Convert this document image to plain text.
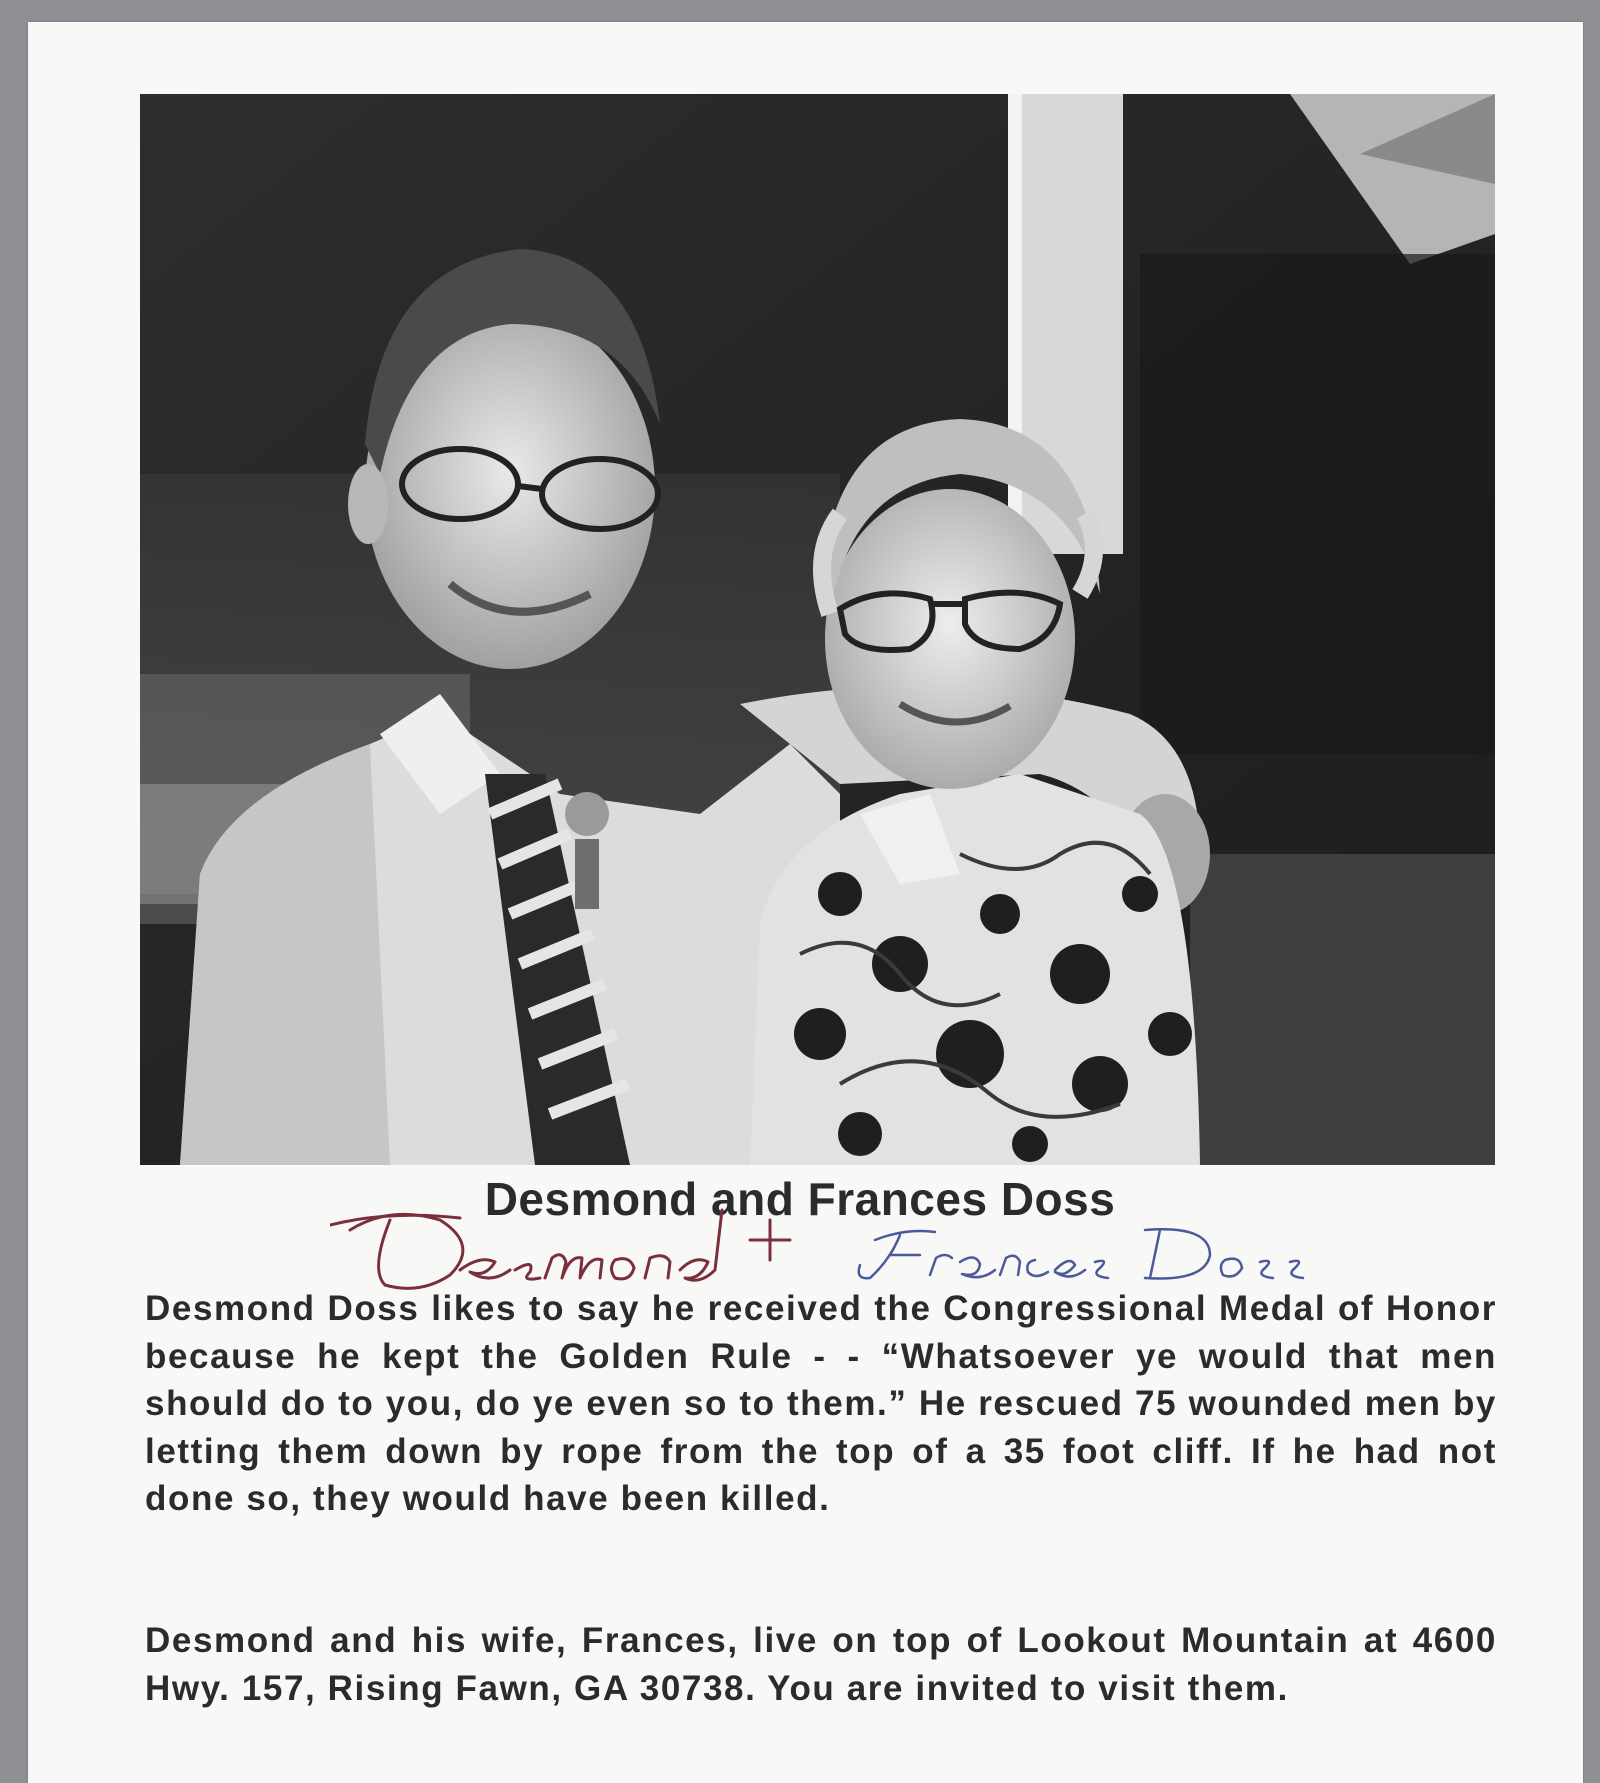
Desmond and Frances Doss

Desmond Doss likes to say he received the Congressional Medal of Honor because he kept the Golden Rule - - “Whatsoever ye would that men should do to you, do ye even so to them.” He rescued 75 wounded men by letting them down by rope from the top of a 35 foot cliff. If he had not done so, they would have been killed.

Desmond and his wife, Frances, live on top of Lookout Mountain at 4600 Hwy. 157, Rising Fawn, GA 30738. You are invited to visit them.
